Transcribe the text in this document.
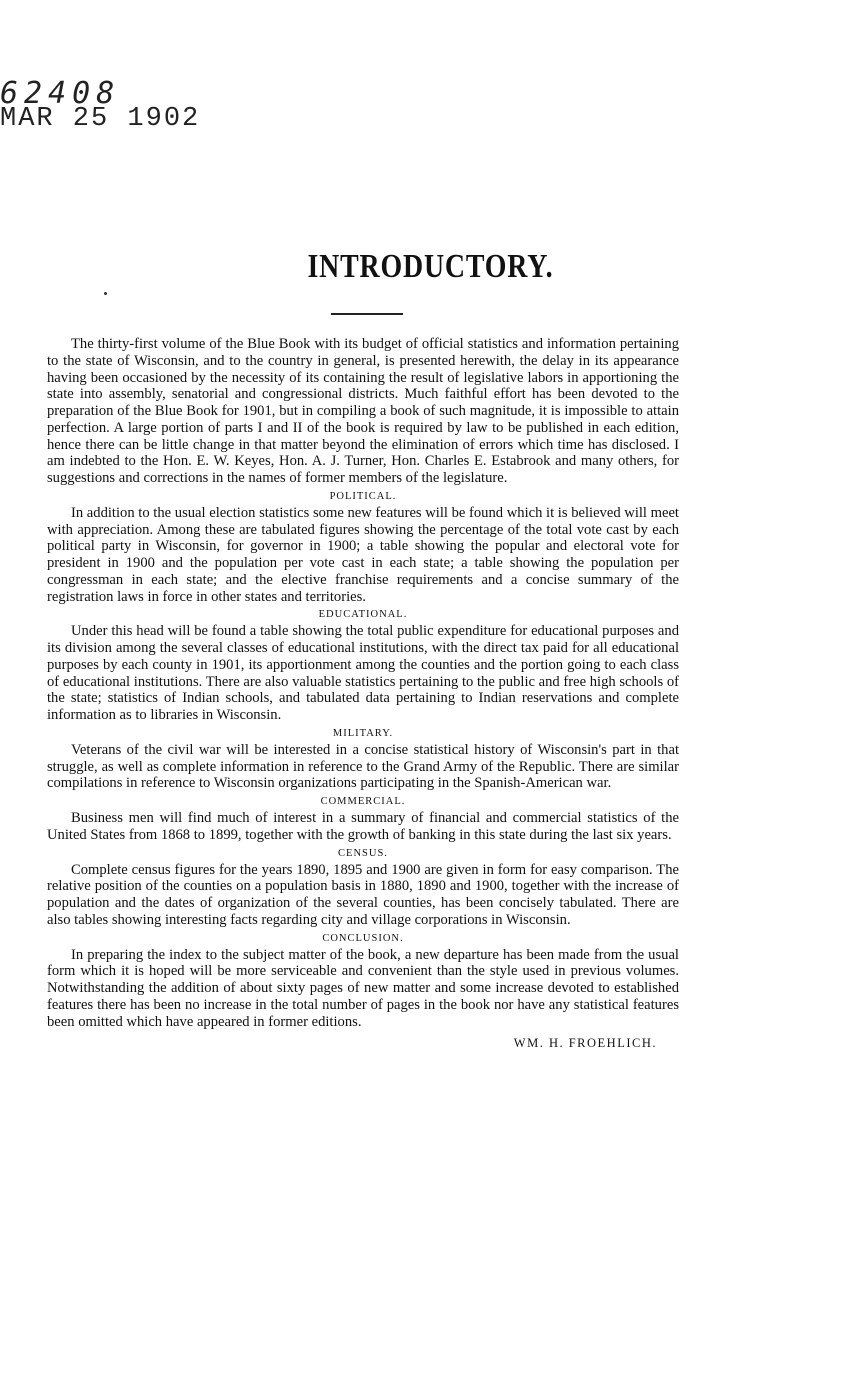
62408
MAR 25 1902
INTRODUCTORY.

The thirty-first volume of the Blue Book with its budget of official statistics and information pertaining to the state of Wisconsin, and to the country in general, is presented herewith, the delay in its appearance having been occasioned by the necessity of its containing the result of legislative labors in apportioning the state into assembly, senatorial and congressional districts. Much faithful effort has been devoted to the preparation of the Blue Book for 1901, but in compiling a book of such magnitude, it is impossible to attain perfection. A large portion of parts I and II of the book is required by law to be published in each edition, hence there can be little change in that matter beyond the elimination of errors which time has disclosed. I am indebted to the Hon. E. W. Keyes, Hon. A. J. Turner, Hon. Charles E. Estabrook and many others, for suggestions and corrections in the names of former members of the legislature.

POLITICAL.

In addition to the usual election statistics some new features will be found which it is believed will meet with appreciation. Among these are tabulated figures showing the percentage of the total vote cast by each political party in Wisconsin, for governor in 1900; a table showing the popular and electoral vote for president in 1900 and the population per vote cast in each state; a table showing the population per congressman in each state; and the elective franchise requirements and a concise summary of the registration laws in force in other states and territories.

EDUCATIONAL.

Under this head will be found a table showing the total public expenditure for educational purposes and its division among the several classes of educational institutions, with the direct tax paid for all educational purposes by each county in 1901, its apportionment among the counties and the portion going to each class of educational institutions. There are also valuable statistics pertaining to the public and free high schools of the state; statistics of Indian schools, and tabulated data pertaining to Indian reservations and complete information as to libraries in Wisconsin.

MILITARY.

Veterans of the civil war will be interested in a concise statistical history of Wisconsin's part in that struggle, as well as complete information in reference to the Grand Army of the Republic. There are similar compilations in reference to Wisconsin organizations participating in the Spanish-American war.

COMMERCIAL.

Business men will find much of interest in a summary of financial and commercial statistics of the United States from 1868 to 1899, together with the growth of banking in this state during the last six years.

CENSUS.

Complete census figures for the years 1890, 1895 and 1900 are given in form for easy comparison. The relative position of the counties on a population basis in 1880, 1890 and 1900, together with the increase of population and the dates of organization of the several counties, has been concisely tabulated. There are also tables showing interesting facts regarding city and village corporations in Wisconsin.

CONCLUSION.

In preparing the index to the subject matter of the book, a new departure has been made from the usual form which it is hoped will be more serviceable and convenient than the style used in previous volumes. Notwithstanding the addition of about sixty pages of new matter and some increase devoted to established features there has been no increase in the total number of pages in the book nor have any statistical features been omitted which have appeared in former editions.

WM. H. FROEHLICH.
